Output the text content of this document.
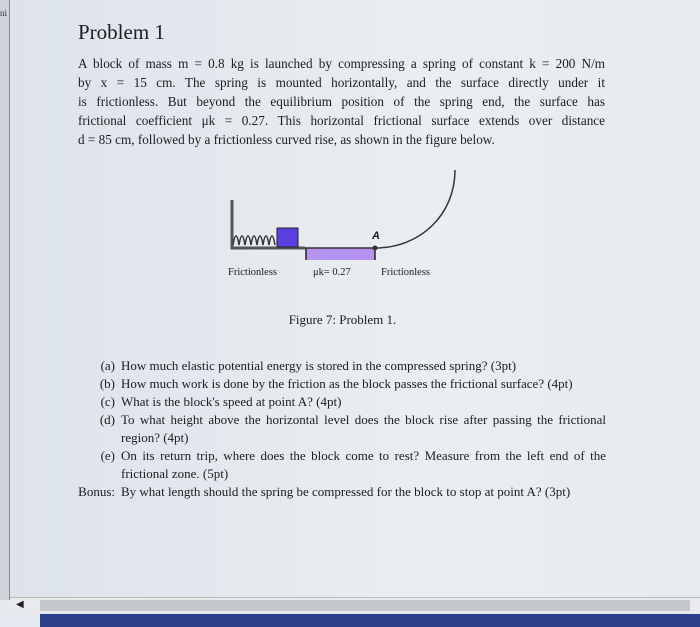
ni
Problem 1
A block of mass m = 0.8 kg is launched by compressing a spring of constant k = 200 N/m
by x = 15 cm. The spring is mounted horizontally, and the surface directly under it
is frictionless. But beyond the equilibrium position of the spring end, the surface has
frictional coefficient μk = 0.27. This horizontal frictional surface extends over distance
d = 85 cm, followed by a frictionless curved rise, as shown in the figure below.
A
Frictionless	μk= 0.27	Frictionless
Figure 7: Problem 1.
(a) How much elastic potential energy is stored in the compressed spring? (3pt)
(b) How much work is done by the friction as the block passes the frictional surface? (4pt)
(c) What is the block's speed at point A? (4pt)
(d) To what height above the horizontal level does the block rise after passing the frictional region? (4pt)
(e) On its return trip, where does the block come to rest? Measure from the left end of the frictional zone. (5pt)
Bonus: By what length should the spring be compressed for the block to stop at point A? (3pt)
◀
